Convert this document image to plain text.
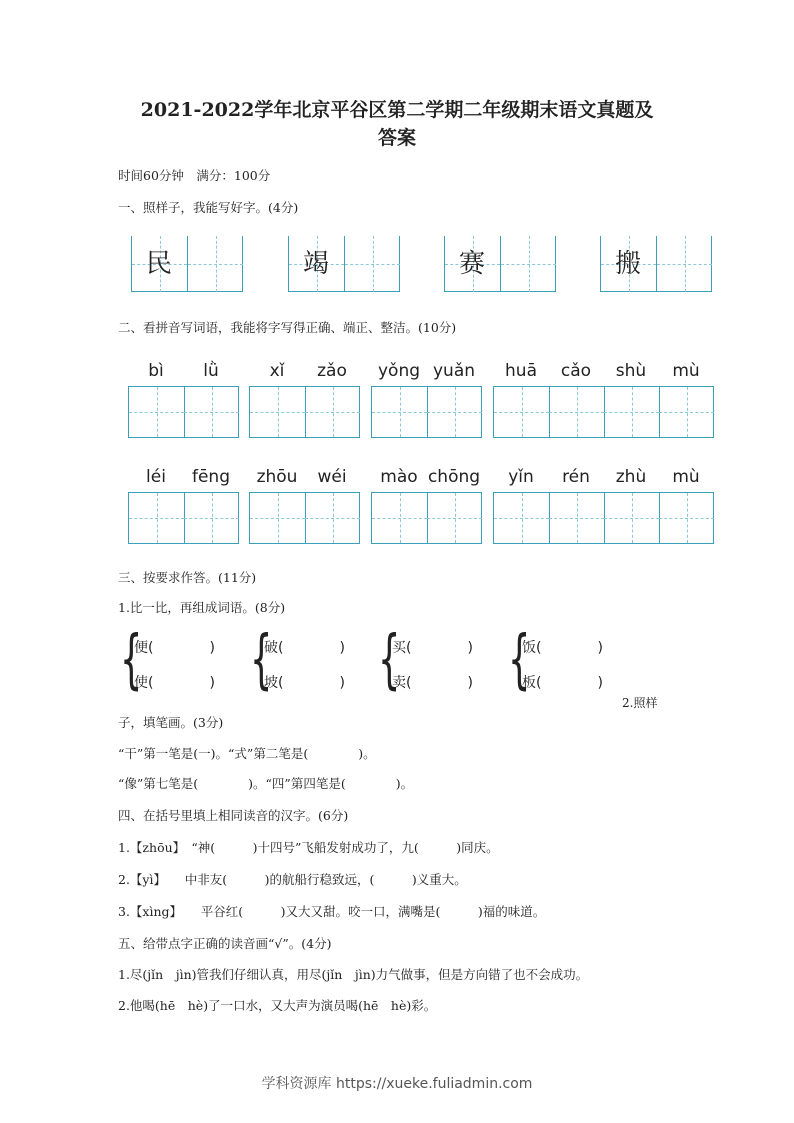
2021-2022学年北京平谷区第二学期二年级期末语文真题及
答案
时间60分钟　满分：100分
一、照样子，我能写好字。(4分)
民	竭	赛	搬
二、看拼音写词语，我能将字写得正确、端正、整洁。(10分)
bì	lǜ	xǐ	zǎo	yǒng yuǎn	huā	cǎo	shù	mù
léi	fēng	zhōu	wéi	mào chōng	yǐn	rén	zhù	mù
三、按要求作答。(11分)
1.比一比，再组成词语。(8分)
{
便(　　　　)
使(　　　　) {
破(　　　　)
坡(　　　　) {
买(　　　　)
卖(　　　　) {
饭(　　　　)
板(　　　　)
2.照样
子，填笔画。(3分)
“干”第一笔是(一)。“式”第二笔是(　　　　)。
“像”第七笔是(　　　　)。“四”第四笔是(　　　　)。
四、在括号里填上相同读音的汉字。(6分)
1.【zhōu】　“神(　　　)十四号”飞船发射成功了，九(　　　)同庆。
2.【yì】　　中非友(　　　)的航船行稳致远，(　　　)义重大。
3.【xìng】　　平谷红(　　　)又大又甜。咬一口，满嘴是(　　　)福的味道。
五、给带点字正确的读音画“√”。(4分)
1.尽(jǐn　jìn)管我们仔细认真，用尽(jǐn　jìn)力气做事，但是方向错了也不会成功。
2.他喝(hē　hè)了一口水，又大声为演员喝(hē　hè)彩。
学科资源库 https://xueke.fuliadmin.com
